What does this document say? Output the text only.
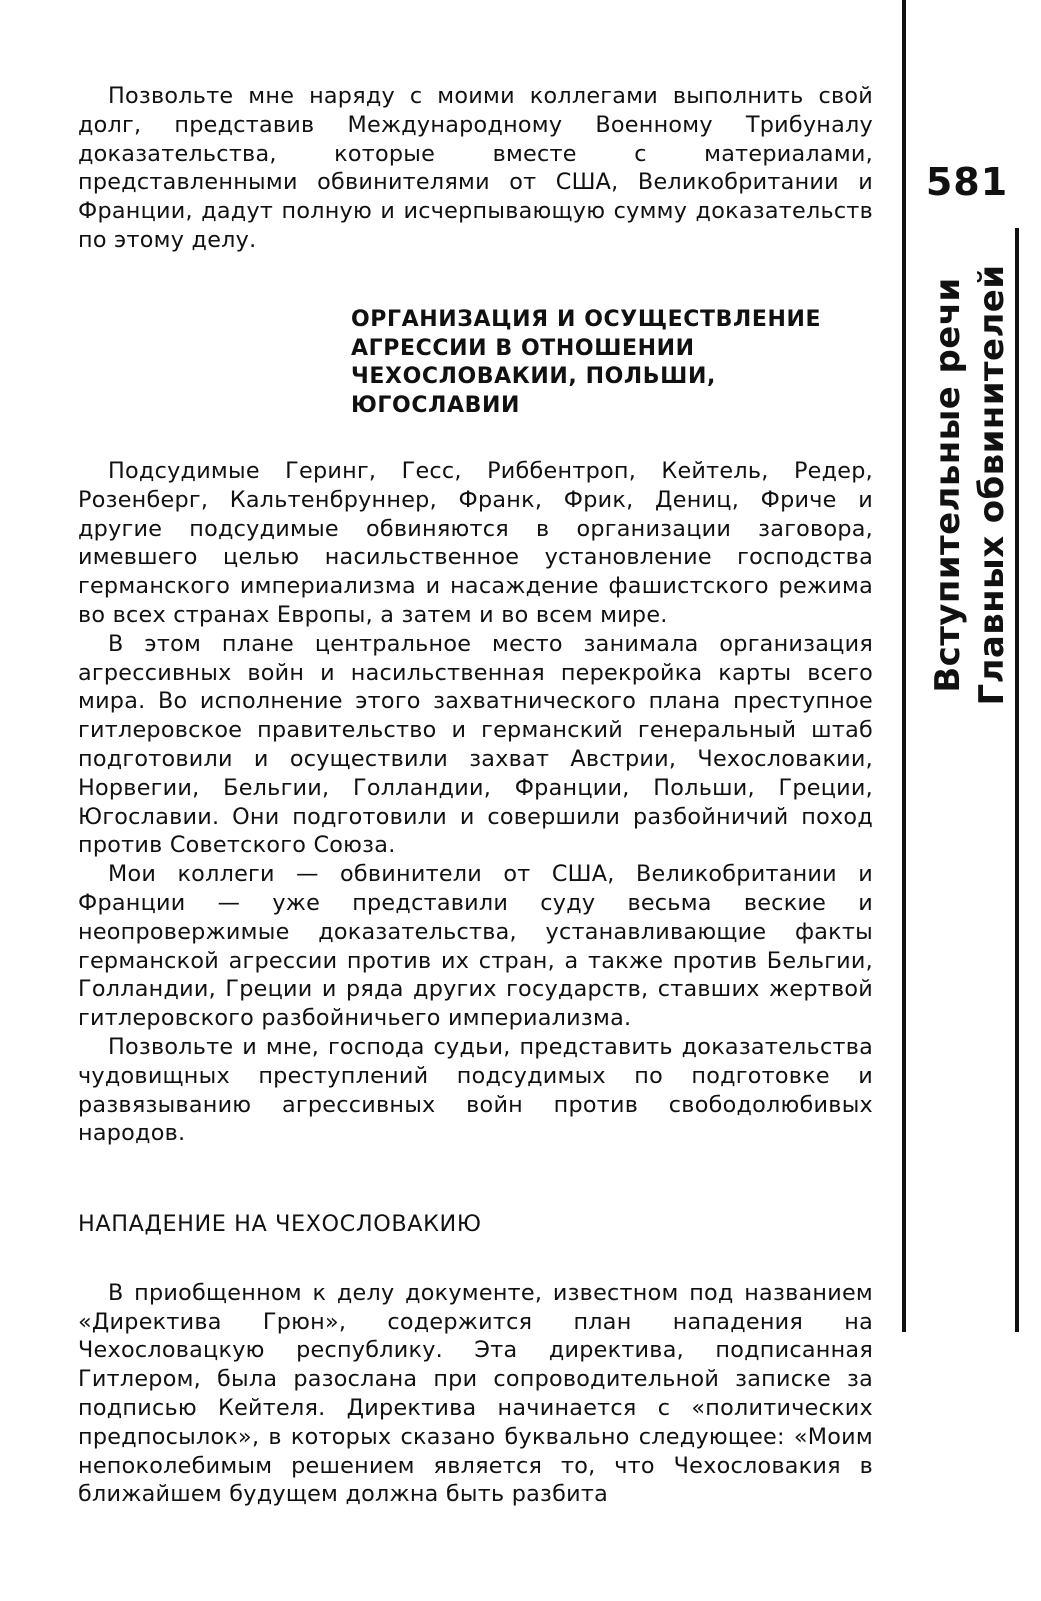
581
Вступительные речи Главных обвинителей

Позвольте мне наряду с моими коллегами выполнить свой долг, представив Международному Военному Трибуналу доказательства, которые вместе с материалами, представленными обвинителями от США, Великобритании и Франции, дадут полную и исчерпывающую сумму доказательств по этому делу.

ОРГАНИЗАЦИЯ И ОСУЩЕСТВЛЕНИЕ АГРЕССИИ В ОТНОШЕНИИ ЧЕХОСЛОВАКИИ, ПОЛЬШИ, ЮГОСЛАВИИ

Подсудимые Геринг, Гесс, Риббентроп, Кейтель, Редер, Розенберг, Кальтенбруннер, Франк, Фрик, Дениц, Фриче и другие подсудимые обвиняются в организации заговора, имевшего целью насильственное установление господства германского империализма и насаждение фашистского режима во всех странах Европы, а затем и во всем мире.

В этом плане центральное место занимала организация агрессивных войн и насильственная перекройка карты всего мира. Во исполнение этого захватнического плана преступное гитлеровское правительство и германский генеральный штаб подготовили и осуществили захват Австрии, Чехословакии, Норвегии, Бельгии, Голландии, Франции, Польши, Греции, Югославии. Они подготовили и совершили разбойничий поход против Советского Союза.

Мои коллеги — обвинители от США, Великобритании и Франции — уже представили суду весьма веские и неопровержимые доказательства, устанавливающие факты германской агрессии против их стран, а также против Бельгии, Голландии, Греции и ряда других государств, ставших жертвой гитлеровского разбойничьего империализма.

Позвольте и мне, господа судьи, представить доказательства чудовищных преступлений подсудимых по подготовке и развязыванию агрессивных войн против свободолюбивых народов.

НАПАДЕНИЕ НА ЧЕХОСЛОВАКИЮ

В приобщенном к делу документе, известном под названием «Директива Грюн», содержится план нападения на Чехословацкую республику. Эта директива, подписанная Гитлером, была разослана при сопроводительной записке за подписью Кейтеля. Директива начинается с «политических предпосылок», в которых сказано буквально следующее: «Моим непоколебимым решением является то, что Чехословакия в ближайшем будущем должна быть разбита
